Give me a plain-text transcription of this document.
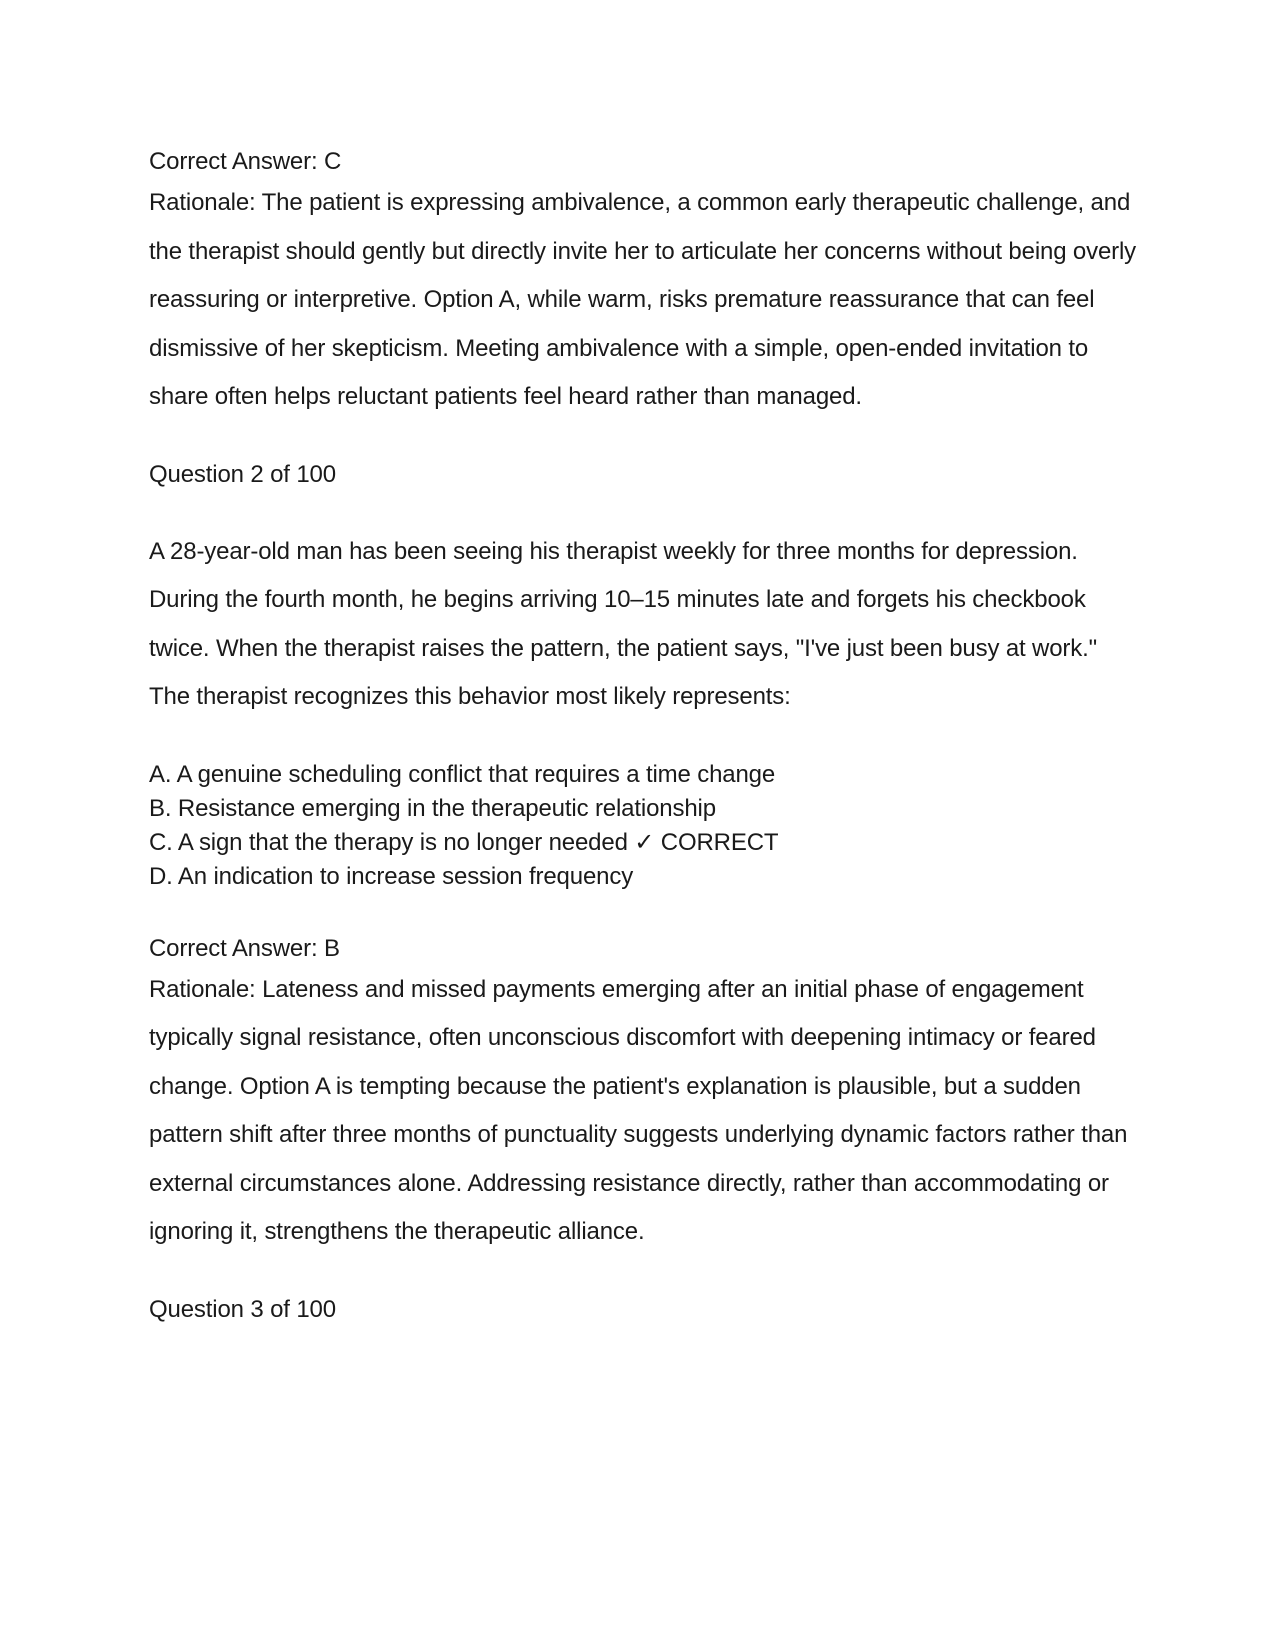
Correct Answer: C

Rationale: The patient is expressing ambivalence, a common early therapeutic challenge, and the therapist should gently but directly invite her to articulate her concerns without being overly reassuring or interpretive. Option A, while warm, risks premature reassurance that can feel dismissive of her skepticism. Meeting ambivalence with a simple, open-ended invitation to share often helps reluctant patients feel heard rather than managed.

Question 2 of 100

A 28-year-old man has been seeing his therapist weekly for three months for depression. During the fourth month, he begins arriving 10–15 minutes late and forgets his checkbook twice. When the therapist raises the pattern, the patient says, "I've just been busy at work." The therapist recognizes this behavior most likely represents:

A. A genuine scheduling conflict that requires a time change
B. Resistance emerging in the therapeutic relationship
C. A sign that the therapy is no longer needed ✓ CORRECT
D. An indication to increase session frequency

Correct Answer: B

Rationale: Lateness and missed payments emerging after an initial phase of engagement typically signal resistance, often unconscious discomfort with deepening intimacy or feared change. Option A is tempting because the patient's explanation is plausible, but a sudden pattern shift after three months of punctuality suggests underlying dynamic factors rather than external circumstances alone. Addressing resistance directly, rather than accommodating or ignoring it, strengthens the therapeutic alliance.

Question 3 of 100
